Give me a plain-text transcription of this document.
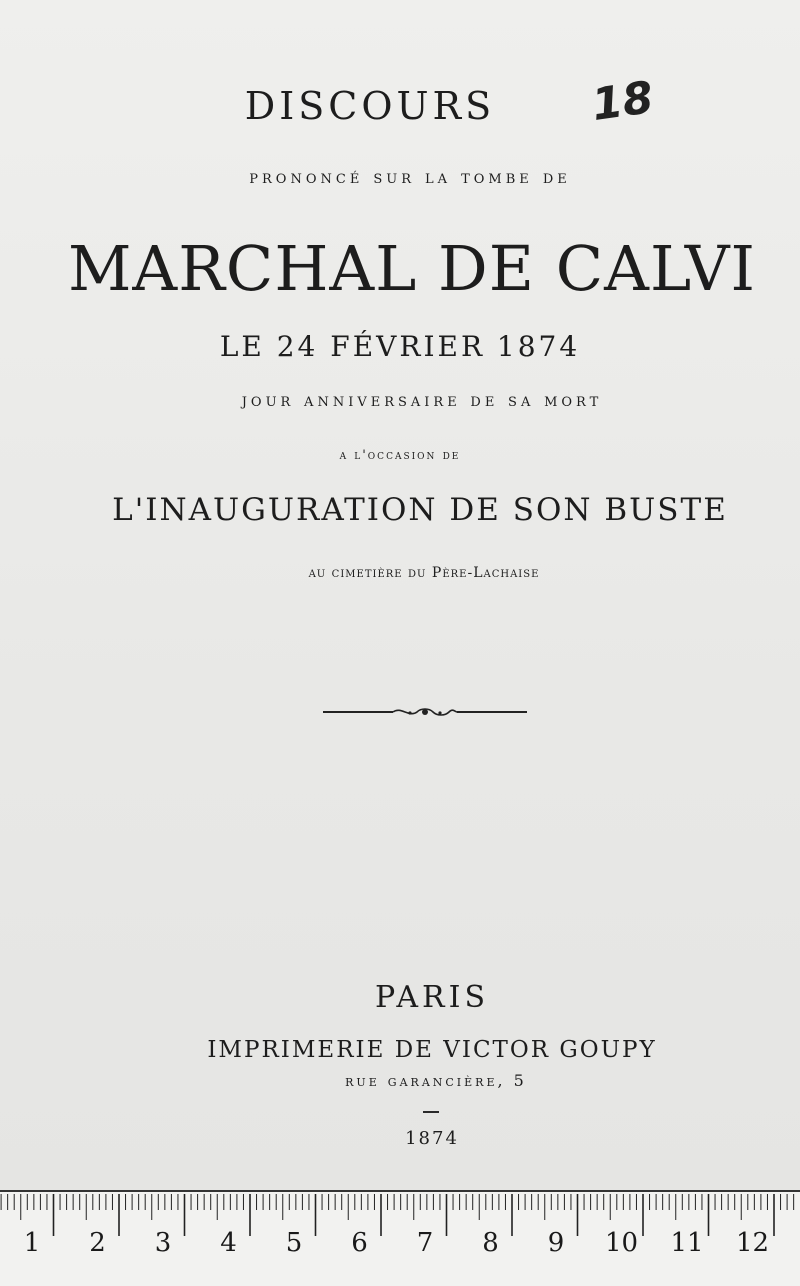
DISCOURS	18
prononcé sur la tombe de
MARCHAL DE CALVI
LE 24 FÉVRIER 1874
jour anniversaire de sa mort
a l'occasion de
L'INAUGURATION DE SON BUSTE
au cimetière du Père-Lachaise
PARIS
IMPRIMERIE DE VICTOR GOUPY
rue garancière, 5
1874
1 2 3 4 5 6 7 8 9 10 11 12
